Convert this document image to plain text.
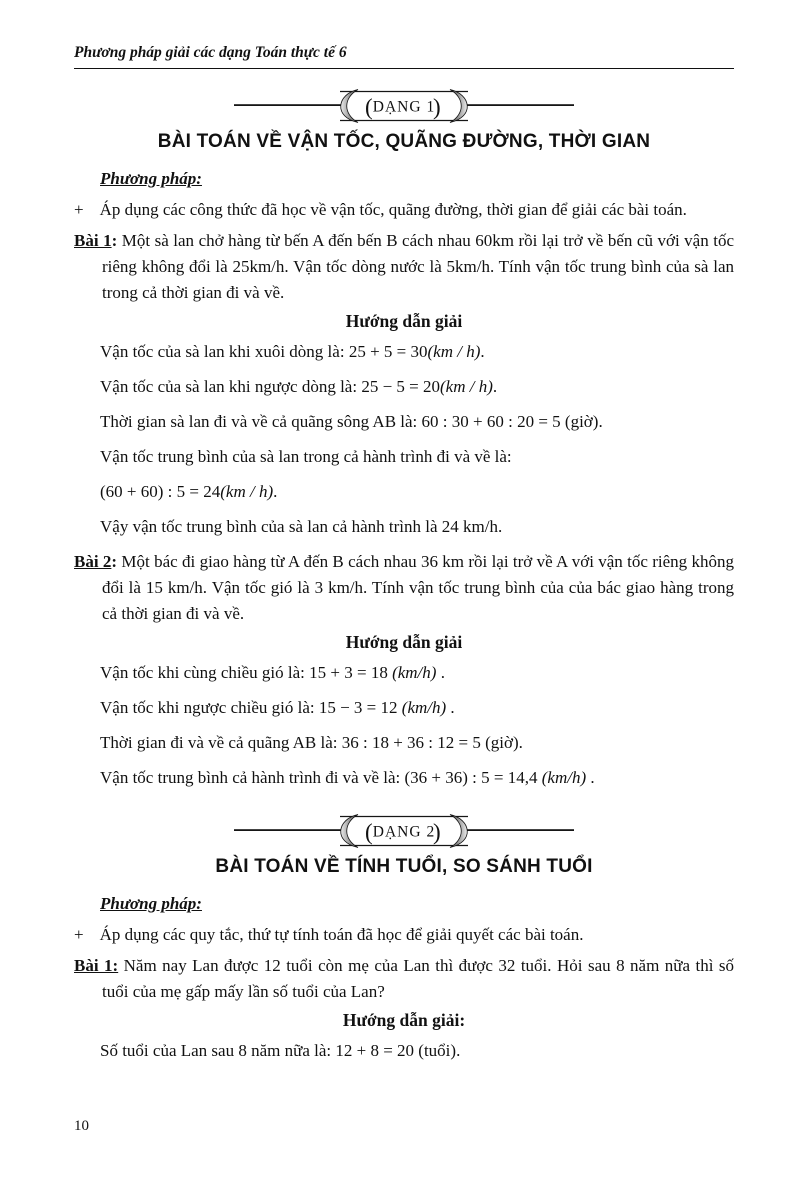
Phương pháp giải các dạng Toán thực tế 6
(	)
DẠNG 1
BÀI TOÁN VỀ VẬN TỐC, QUÃNG ĐƯỜNG, THỜI GIAN

Phương pháp:

+ Áp dụng các công thức đã học về vận tốc, quãng đường, thời gian để giải các bài toán.

Bài 1: Một sà lan chở hàng từ bến A đến bến B cách nhau 60km rồi lại trở về bến cũ với vận tốc riêng không đổi là 25km/h. Vận tốc dòng nước là 5km/h. Tính vận tốc trung bình của sà lan trong cả thời gian đi và về.

Hướng dẫn giải

Vận tốc của sà lan khi xuôi dòng là: 25 + 5 = 30(km / h).

Vận tốc của sà lan khi ngược dòng là: 25 − 5 = 20(km / h).

Thời gian sà lan đi và về cả quãng sông AB là: 60 : 30 + 60 : 20 = 5 (giờ).

Vận tốc trung bình của sà lan trong cả hành trình đi và về là:

(60 + 60) : 5 = 24(km / h).

Vậy vận tốc trung bình của sà lan cả hành trình là 24 km/h.

Bài 2: Một bác đi giao hàng từ A đến B cách nhau 36 km rồi lại trở về A với vận tốc riêng không đổi là 15 km/h. Vận tốc gió là 3 km/h. Tính vận tốc trung bình của của bác giao hàng trong cả thời gian đi và về.

Hướng dẫn giải

Vận tốc khi cùng chiều gió là: 15 + 3 = 18 (km/h) .

Vận tốc khi ngược chiều gió là: 15 − 3 = 12 (km/h) .

Thời gian đi và về cả quãng AB là: 36 : 18 + 36 : 12 = 5 (giờ).

Vận tốc trung bình cả hành trình đi và về là: (36 + 36) : 5 = 14,4 (km/h) .

(	)
DẠNG 2
BÀI TOÁN VỀ TÍNH TUỔI, SO SÁNH TUỔI

Phương pháp:

+ Áp dụng các quy tắc, thứ tự tính toán đã học để giải quyết các bài toán.

Bài 1: Năm nay Lan được 12 tuổi còn mẹ của Lan thì được 32 tuổi. Hỏi sau 8 năm nữa thì số tuổi của mẹ gấp mấy lần số tuổi của Lan?

Hướng dẫn giải:

Số tuổi của Lan sau 8 năm nữa là: 12 + 8 = 20 (tuổi).

10
